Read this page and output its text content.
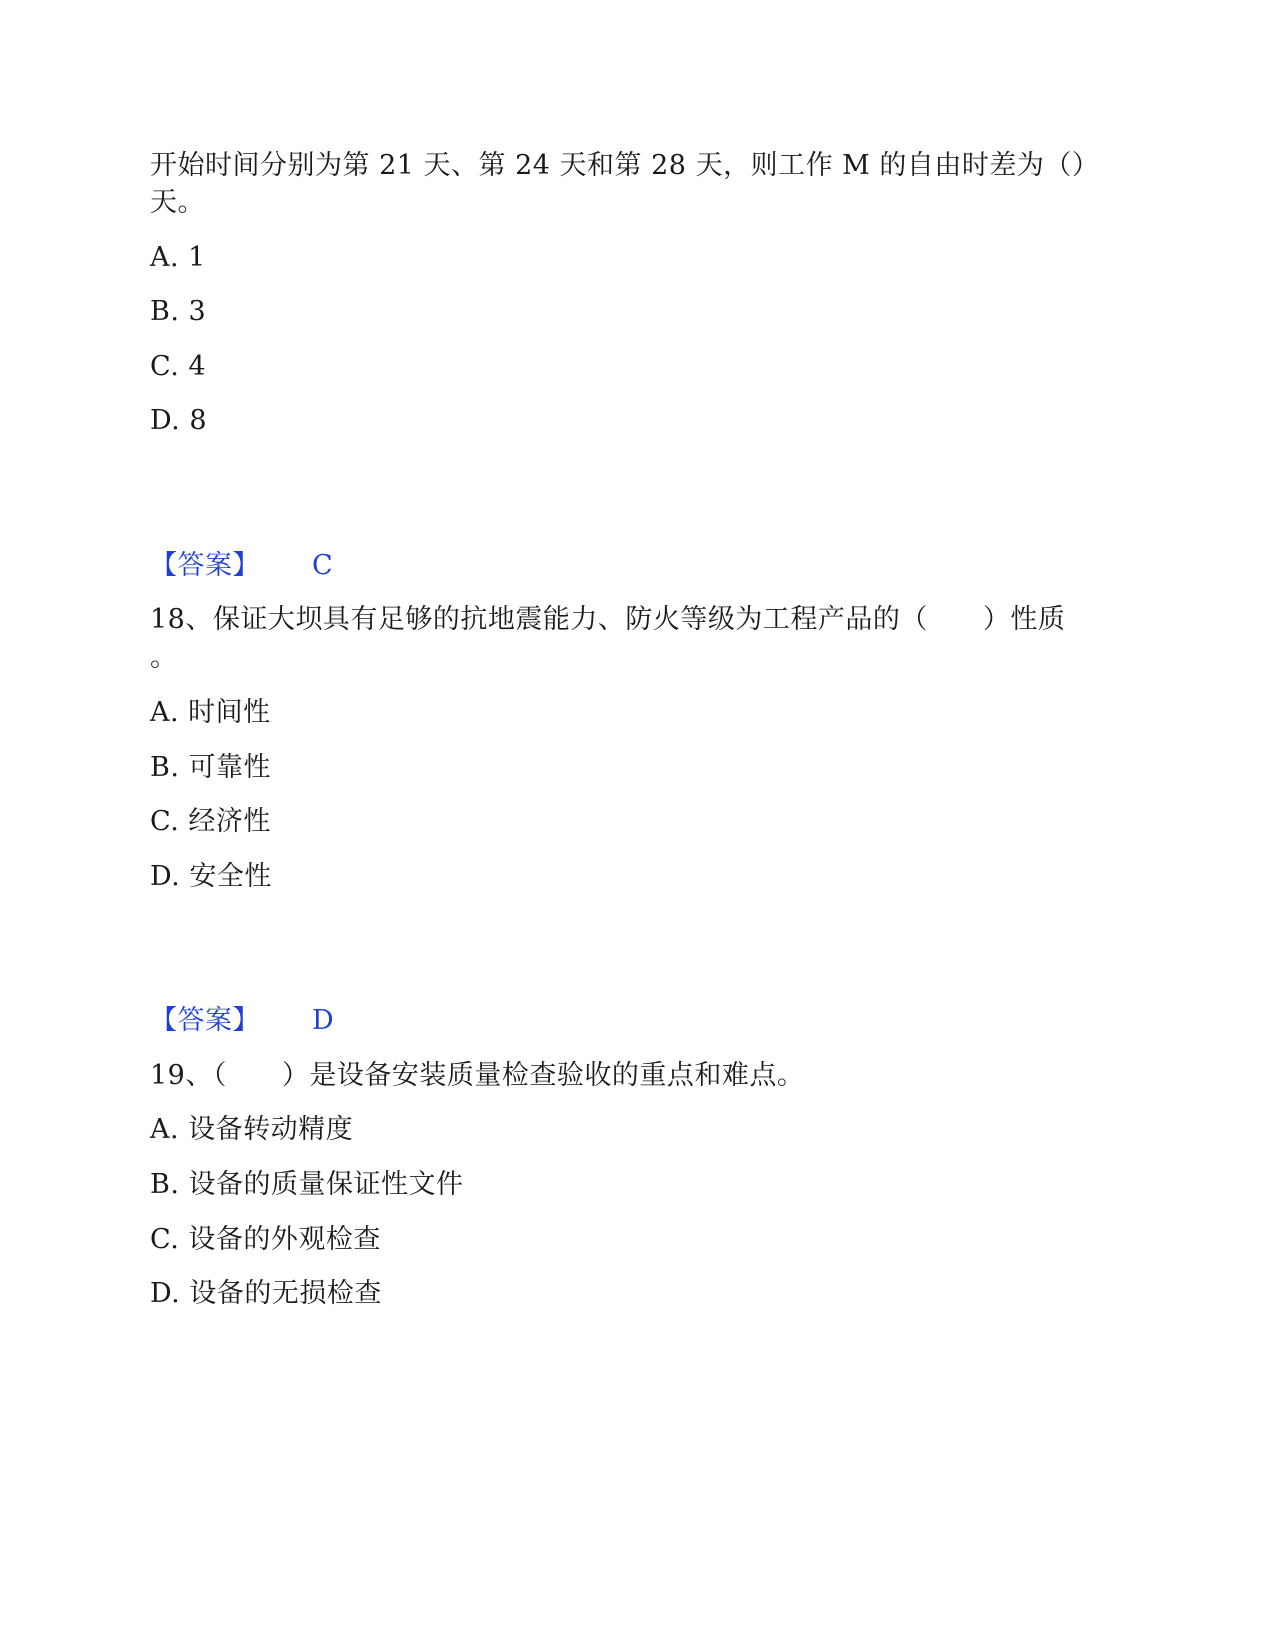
开始时间分别为第 21 天、第 24 天和第 28 天，则工作 M 的自由时差为（）
天。
A. 1
B. 3
C. 4
D. 8
【答案】 C
18、保证大坝具有足够的抗地震能力、防火等级为工程产品的（　　）性质
。
A. 时间性
B. 可靠性
C. 经济性
D. 安全性
【答案】 D
19、（　　）是设备安装质量检查验收的重点和难点。
A. 设备转动精度
B. 设备的质量保证性文件
C. 设备的外观检查
D. 设备的无损检查
